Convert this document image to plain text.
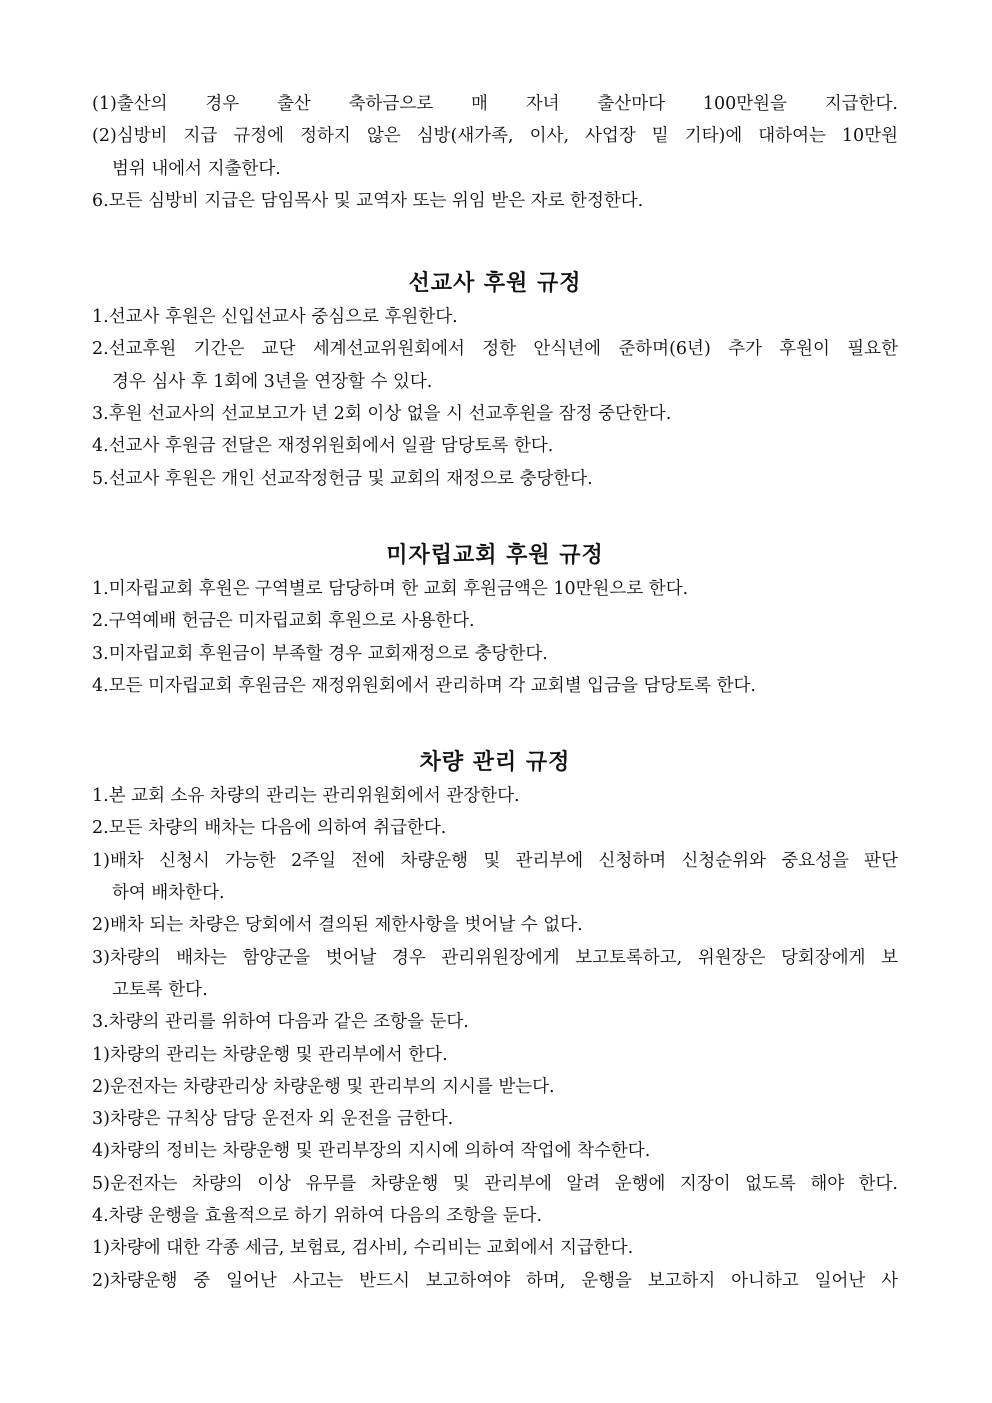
(1)출산의 경우 출산 축하금으로 매 자녀 출산마다 100만원을 지급한다.
(2)심방비 지급 규정에 정하지 않은 심방(새가족, 이사, 사업장 밑 기타)에 대하여는 10만원
범위 내에서 지출한다.
6.모든 심방비 지급은 담임목사 및 교역자 또는 위임 받은 자로 한정한다.
선교사 후원 규정
1.선교사 후원은 신입선교사 중심으로 후원한다.
2.선교후원 기간은 교단 세계선교위원회에서 정한 안식년에 준하며(6년) 추가 후원이 필요한
경우 심사 후 1회에 3년을 연장할 수 있다.
3.후원 선교사의 선교보고가 년 2회 이상 없을 시 선교후원을 잠정 중단한다.
4.선교사 후원금 전달은 재정위원회에서 일괄 담당토록 한다.
5.선교사 후원은 개인 선교작정헌금 및 교회의 재정으로 충당한다.
미자립교회 후원 규정
1.미자립교회 후원은 구역별로 담당하며 한 교회 후원금액은 10만원으로 한다.
2.구역예배 헌금은 미자립교회 후원으로 사용한다.
3.미자립교회 후원금이 부족할 경우 교회재정으로 충당한다.
4.모든 미자립교회 후원금은 재정위원회에서 관리하며 각 교회별 입금을 담당토록 한다.
차량 관리 규정
1.본 교회 소유 차량의 관리는 관리위원회에서 관장한다.
2.모든 차량의 배차는 다음에 의하여 취급한다.
1)배차 신청시 가능한 2주일 전에 차량운행 및 관리부에 신청하며 신청순위와 중요성을 판단
하여 배차한다.
2)배차 되는 차량은 당회에서 결의된 제한사항을 벗어날 수 없다.
3)차량의 배차는 함양군을 벗어날 경우 관리위원장에게 보고토록하고, 위원장은 당회장에게 보
고토록 한다.
3.차량의 관리를 위하여 다음과 같은 조항을 둔다.
1)차량의 관리는 차량운행 및 관리부에서 한다.
2)운전자는 차량관리상 차량운행 및 관리부의 지시를 받는다.
3)차량은 규칙상 담당 운전자 외 운전을 금한다.
4)차량의 정비는 차량운행 및 관리부장의 지시에 의하여 작업에 착수한다.
5)운전자는 차량의 이상 유무를 차량운행 및 관리부에 알려 운행에 지장이 없도록 해야 한다.
4.차량 운행을 효율적으로 하기 위하여 다음의 조항을 둔다.
1)차량에 대한 각종 세금, 보험료, 검사비, 수리비는 교회에서 지급한다.
2)차량운행 중 일어난 사고는 반드시 보고하여야 하며, 운행을 보고하지 아니하고 일어난 사
